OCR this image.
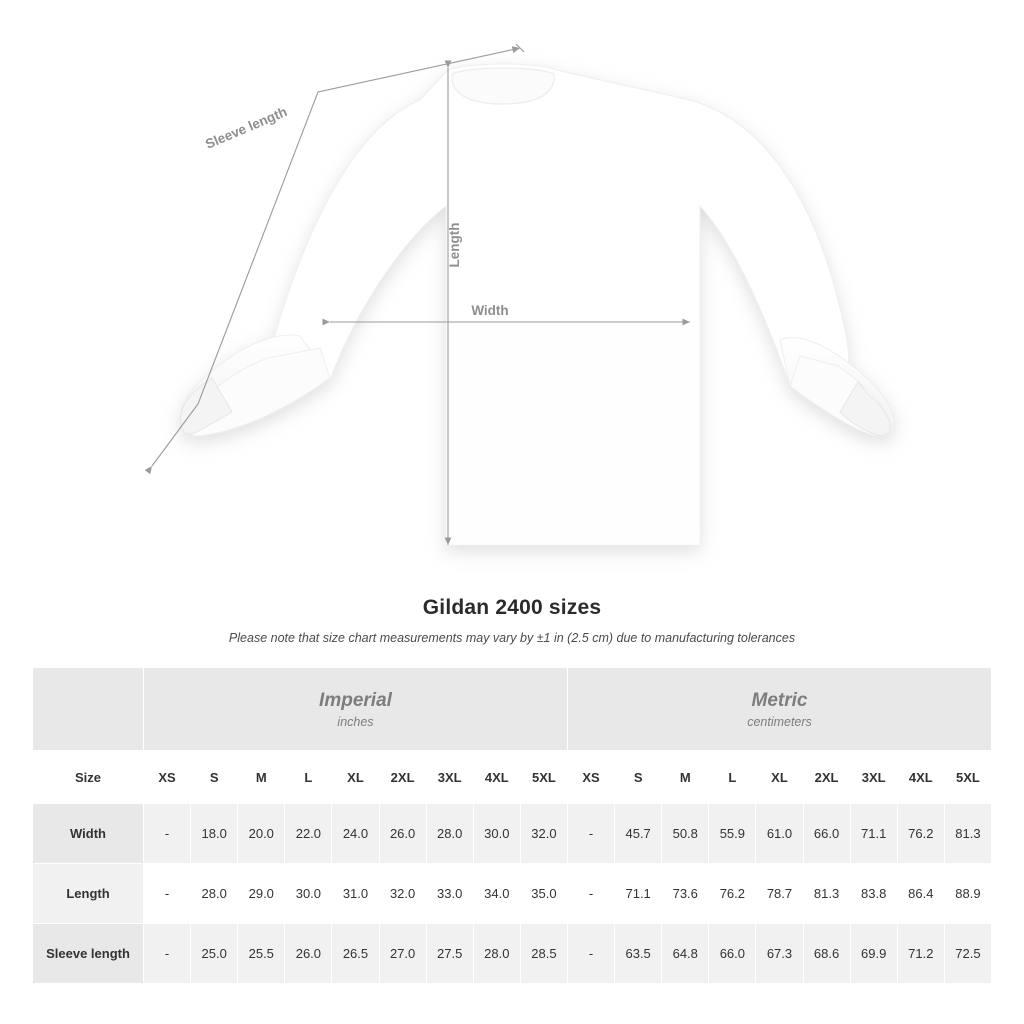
Sleeve length
Length
Width
Gildan 2400 sizes
Please note that size chart measurements may vary by ±1 in (2.5 cm) due to manufacturing tolerances

Imperial
inches

Metric
centimeters

Size	XS	S	M	L	XL	2XL	3XL	4XL	5XL	XS	S	M	L	XL	2XL	3XL	4XL	5XL
Width	-	18.0	20.0	22.0	24.0	26.0	28.0	30.0	32.0	-	45.7	50.8	55.9	61.0	66.0	71.1	76.2	81.3
Length	-	28.0	29.0	30.0	31.0	32.0	33.0	34.0	35.0	-	71.1	73.6	76.2	78.7	81.3	83.8	86.4	88.9
Sleeve length	-	25.0	25.5	26.0	26.5	27.0	27.5	28.0	28.5	-	63.5	64.8	66.0	67.3	68.6	69.9	71.2	72.5
